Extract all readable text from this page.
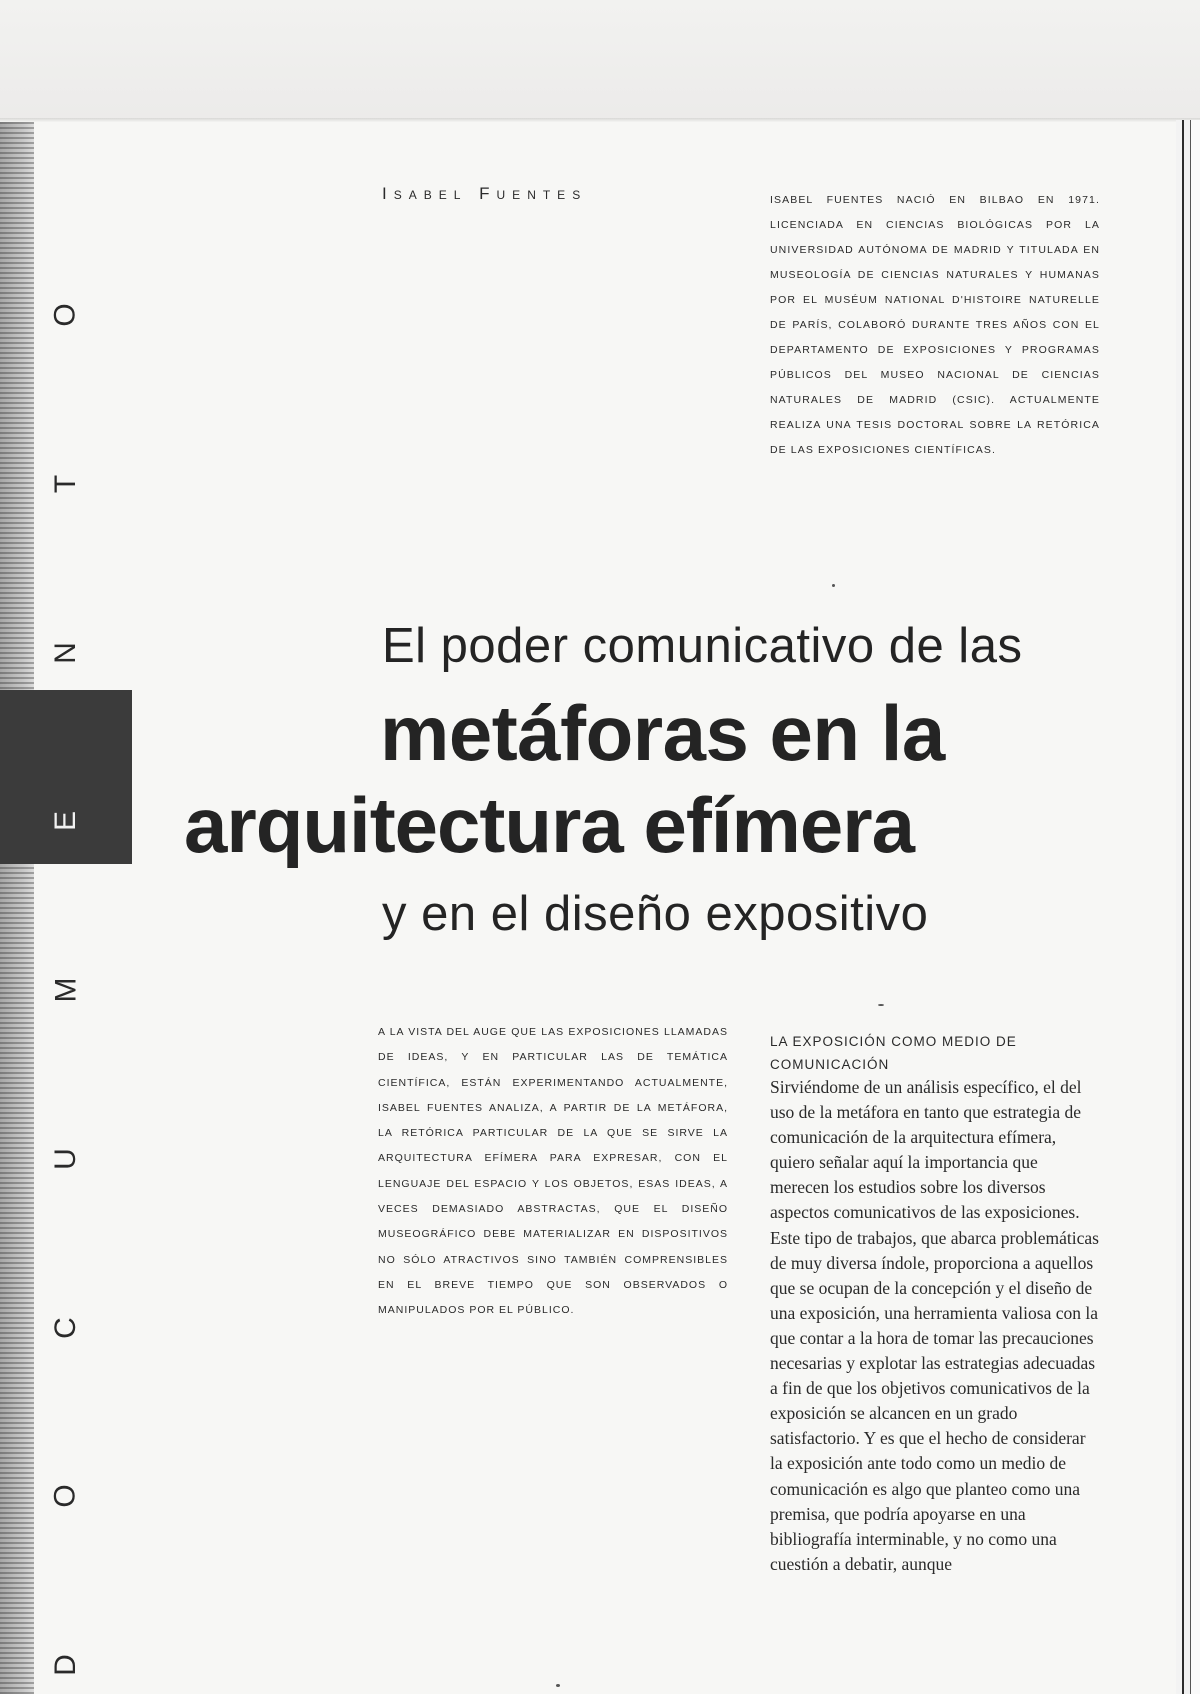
O
T
N
E
M
U
C
O
D
Isabel Fuentes	ISABEL FUENTES NACIÓ EN BILBAO EN 1971. LICENCIADA EN CIENCIAS BIOLÓGICAS POR LA UNIVERSIDAD AUTÓNOMA DE MADRID Y TITULADA EN MUSEOLOGÍA DE CIENCIAS NATURALES Y HUMANAS POR EL MUSÉUM NATIONAL D'HISTOIRE NATURELLE DE PARÍS, COLABORÓ DURANTE TRES AÑOS CON EL DEPARTAMENTO DE EXPOSICIONES Y PROGRAMAS PÚBLICOS DEL MUSEO NACIONAL DE CIENCIAS NATURALES DE MADRID (CSIC). ACTUALMENTE REALIZA UNA TESIS DOCTORAL SOBRE LA RETÓRICA DE LAS EXPOSICIONES CIENTÍFICAS.
El poder comunicativo de las
metáforas en la
arquitectura efímera
y en el diseño expositivo
A LA VISTA DEL AUGE QUE LAS EXPOSICIONES LLAMADAS DE IDEAS, Y EN PARTICULAR LAS DE TEMÁTICA CIENTÍFICA, ESTÁN EXPERIMENTANDO ACTUALMENTE, ISABEL FUENTES ANALIZA, A PARTIR DE LA METÁFORA, LA RETÓRICA PARTICULAR DE LA QUE SE SIRVE LA ARQUITECTURA EFÍMERA PARA EXPRESAR, CON EL LENGUAJE DEL ESPACIO Y LOS OBJETOS, ESAS IDEAS, A VECES DEMASIADO ABSTRACTAS, QUE EL DISEÑO MUSEOGRÁFICO DEBE MATERIALIZAR EN DISPOSITIVOS NO SÓLO ATRACTIVOS SINO TAMBIÉN COMPRENSIBLES EN EL BREVE TIEMPO QUE SON OBSERVADOS O MANIPULADOS POR EL PÚBLICO.
LA EXPOSICIÓN COMO MEDIO DE COMUNICACIÓN
Sirviéndome de un análisis específico, el del uso de la metáfora en tanto que estrategia de comunicación de la arquitectura efímera, quiero señalar aquí la importancia que merecen los estudios sobre los diversos aspectos comunicativos de las exposiciones. Este tipo de trabajos, que abarca problemáticas de muy diversa índole, proporciona a aquellos que se ocupan de la concepción y el diseño de una exposición, una herramienta valiosa con la que contar a la hora de tomar las precauciones necesarias y explotar las estrategias adecuadas a fin de que los objetivos comunicativos de la exposición se alcancen en un grado satisfactorio. Y es que el hecho de considerar la exposición ante todo como un medio de comunicación es algo que planteo como una premisa, que podría apoyarse en una bibliografía interminable, y no como una cuestión a debatir, aunque
